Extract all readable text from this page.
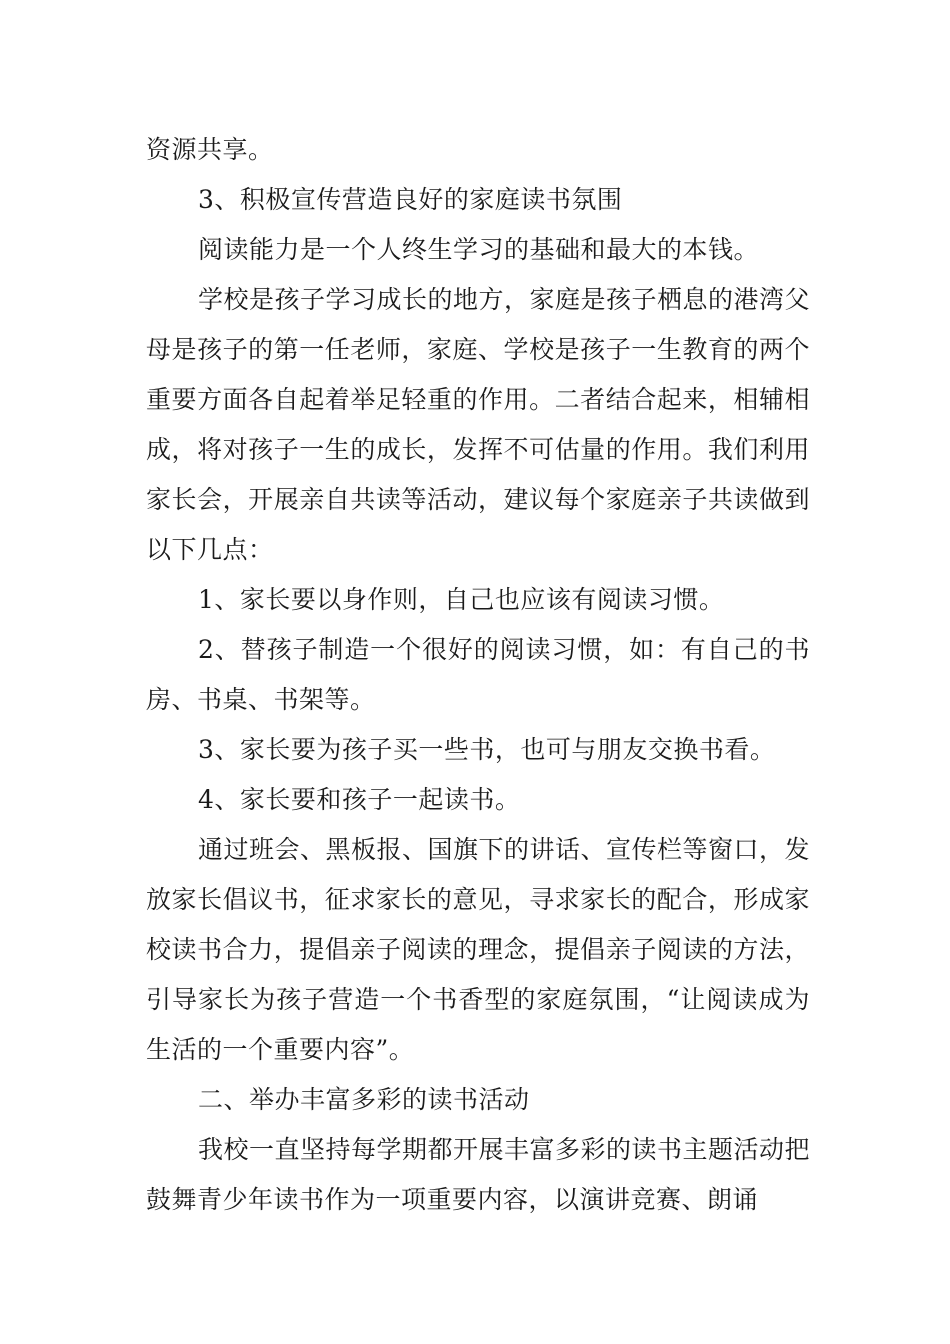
资源共享。

3、积极宣传营造良好的家庭读书氛围

阅读能力是一个人终生学习的基础和最大的本钱。

学校是孩子学习成长的地方，家庭是孩子栖息的港湾父母是孩子的第一任老师，家庭、学校是孩子一生教育的两个重要方面各自起着举足轻重的作用。二者结合起来，相辅相成，将对孩子一生的成长，发挥不可估量的作用。我们利用家长会，开展亲自共读等活动，建议每个家庭亲子共读做到以下几点：

1、家长要以身作则，自己也应该有阅读习惯。

2、替孩子制造一个很好的阅读习惯，如：有自己的书房、书桌、书架等。

3、家长要为孩子买一些书，也可与朋友交换书看。

4、家长要和孩子一起读书。

通过班会、黑板报、国旗下的讲话、宣传栏等窗口，发放家长倡议书，征求家长的意见，寻求家长的配合，形成家校读书合力，提倡亲子阅读的理念，提倡亲子阅读的方法，引导家长为孩子营造一个书香型的家庭氛围，“让阅读成为生活的一个重要内容”。

二、举办丰富多彩的读书活动

我校一直坚持每学期都开展丰富多彩的读书主题活动把鼓舞青少年读书作为一项重要内容，以演讲竞赛、朗诵
